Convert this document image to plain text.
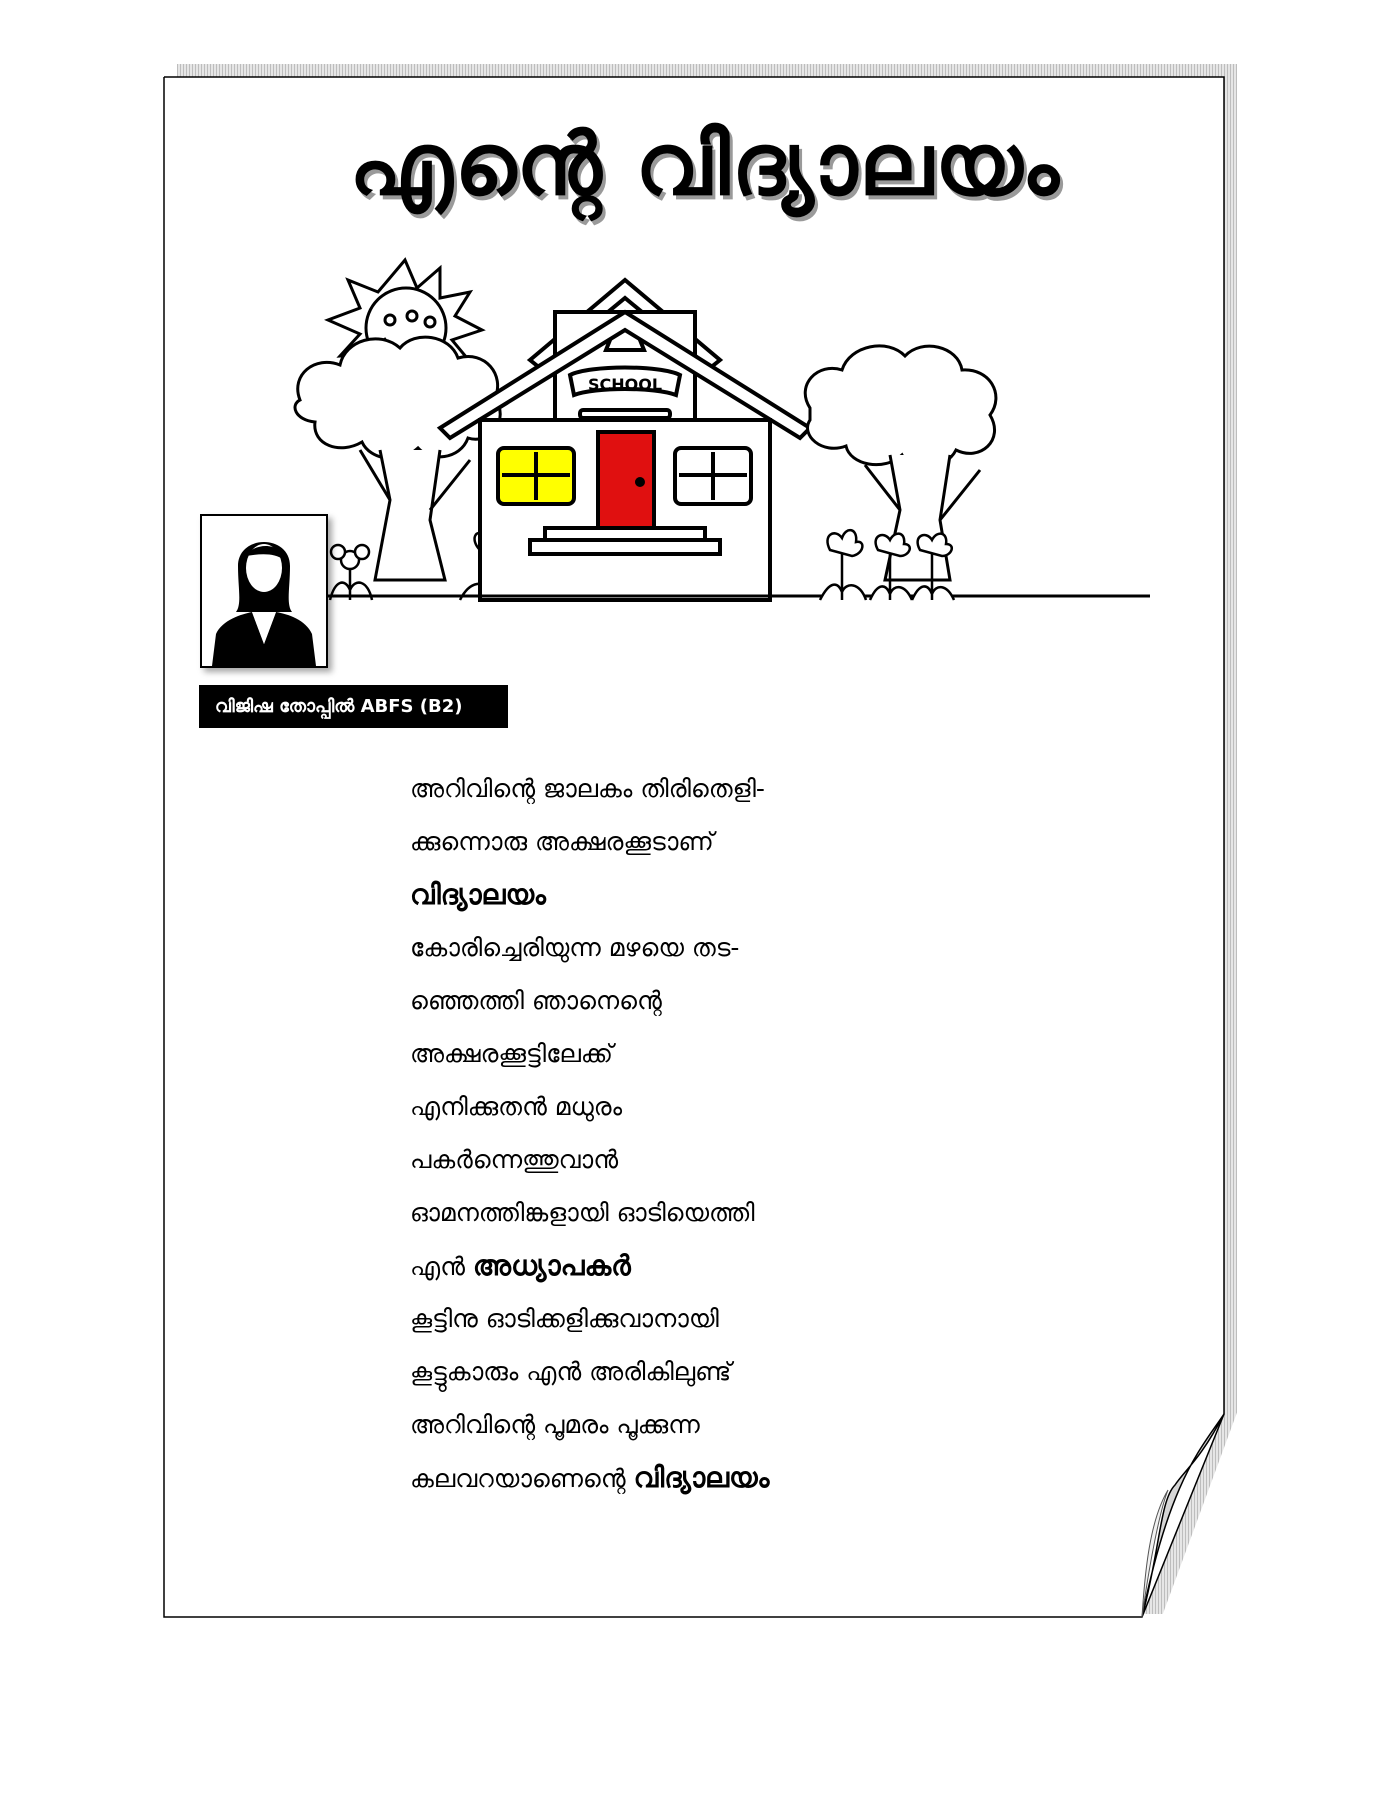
എന്റെ വിദ്യാലയം
SCHOOL
വിജിഷ തോപ്പിൽ ABFS (B2)
അറിവിന്റെ ജാലകം തിരിതെളി-
ക്കുന്നൊരു അക്ഷരക്കൂടാണ്
വിദ്യാലയം
കോരിച്ചെരിയുന്ന മഴയെ തട-
ഞ്ഞെത്തി ഞാനെന്റെ
അക്ഷരക്കൂട്ടിലേക്ക്
എനിക്കുതൻ മധുരം
പകർന്നെത്തുവാൻ
ഓമനത്തിങ്കളായി ഓടിയെത്തി
എൻ അധ്യാപകർ
കൂട്ടിനു ഓടിക്കളിക്കുവാനായി
കൂട്ടുകാരും എൻ അരികിലുണ്ട്
അറിവിന്റെ പൂമരം പൂക്കുന്ന
കലവറയാണെന്റെ വിദ്യാലയം
